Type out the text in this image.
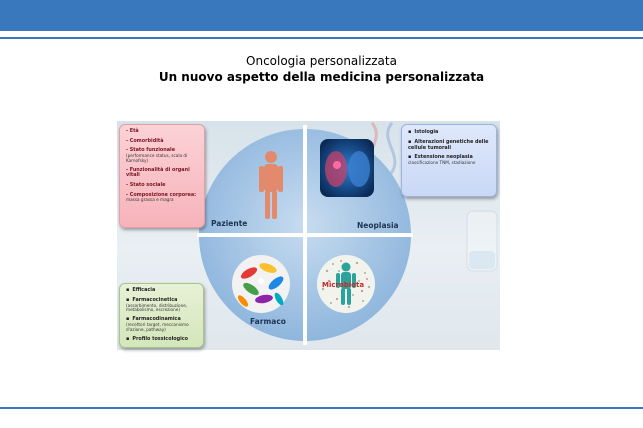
Oncologia personalizzata
Un nuovo aspetto della medicina personalizzata
Paziente	Neoplasia
Farmaco
Microbiota
- Età
- Comorbidità
- Stato funzionale
(performance status, scala di Karnofsky)
- Funzionalità di organi vitali
- Stato sociale
- Composizione corporea:
massa grassa e magra
▪ Istologia
▪ Alterazioni genetiche delle cellule tumorali
▪ Estensione neoplasia
classificazione TNM, stadiazione
▪ Efficacia
▪ Farmacocinetica
(assorbimento, distribuzione, metabolismo, escrezione)
▪ Farmacodinamica
(recettori target, meccanismo d'azione, pathway)
▪ Profilo tossicologico
